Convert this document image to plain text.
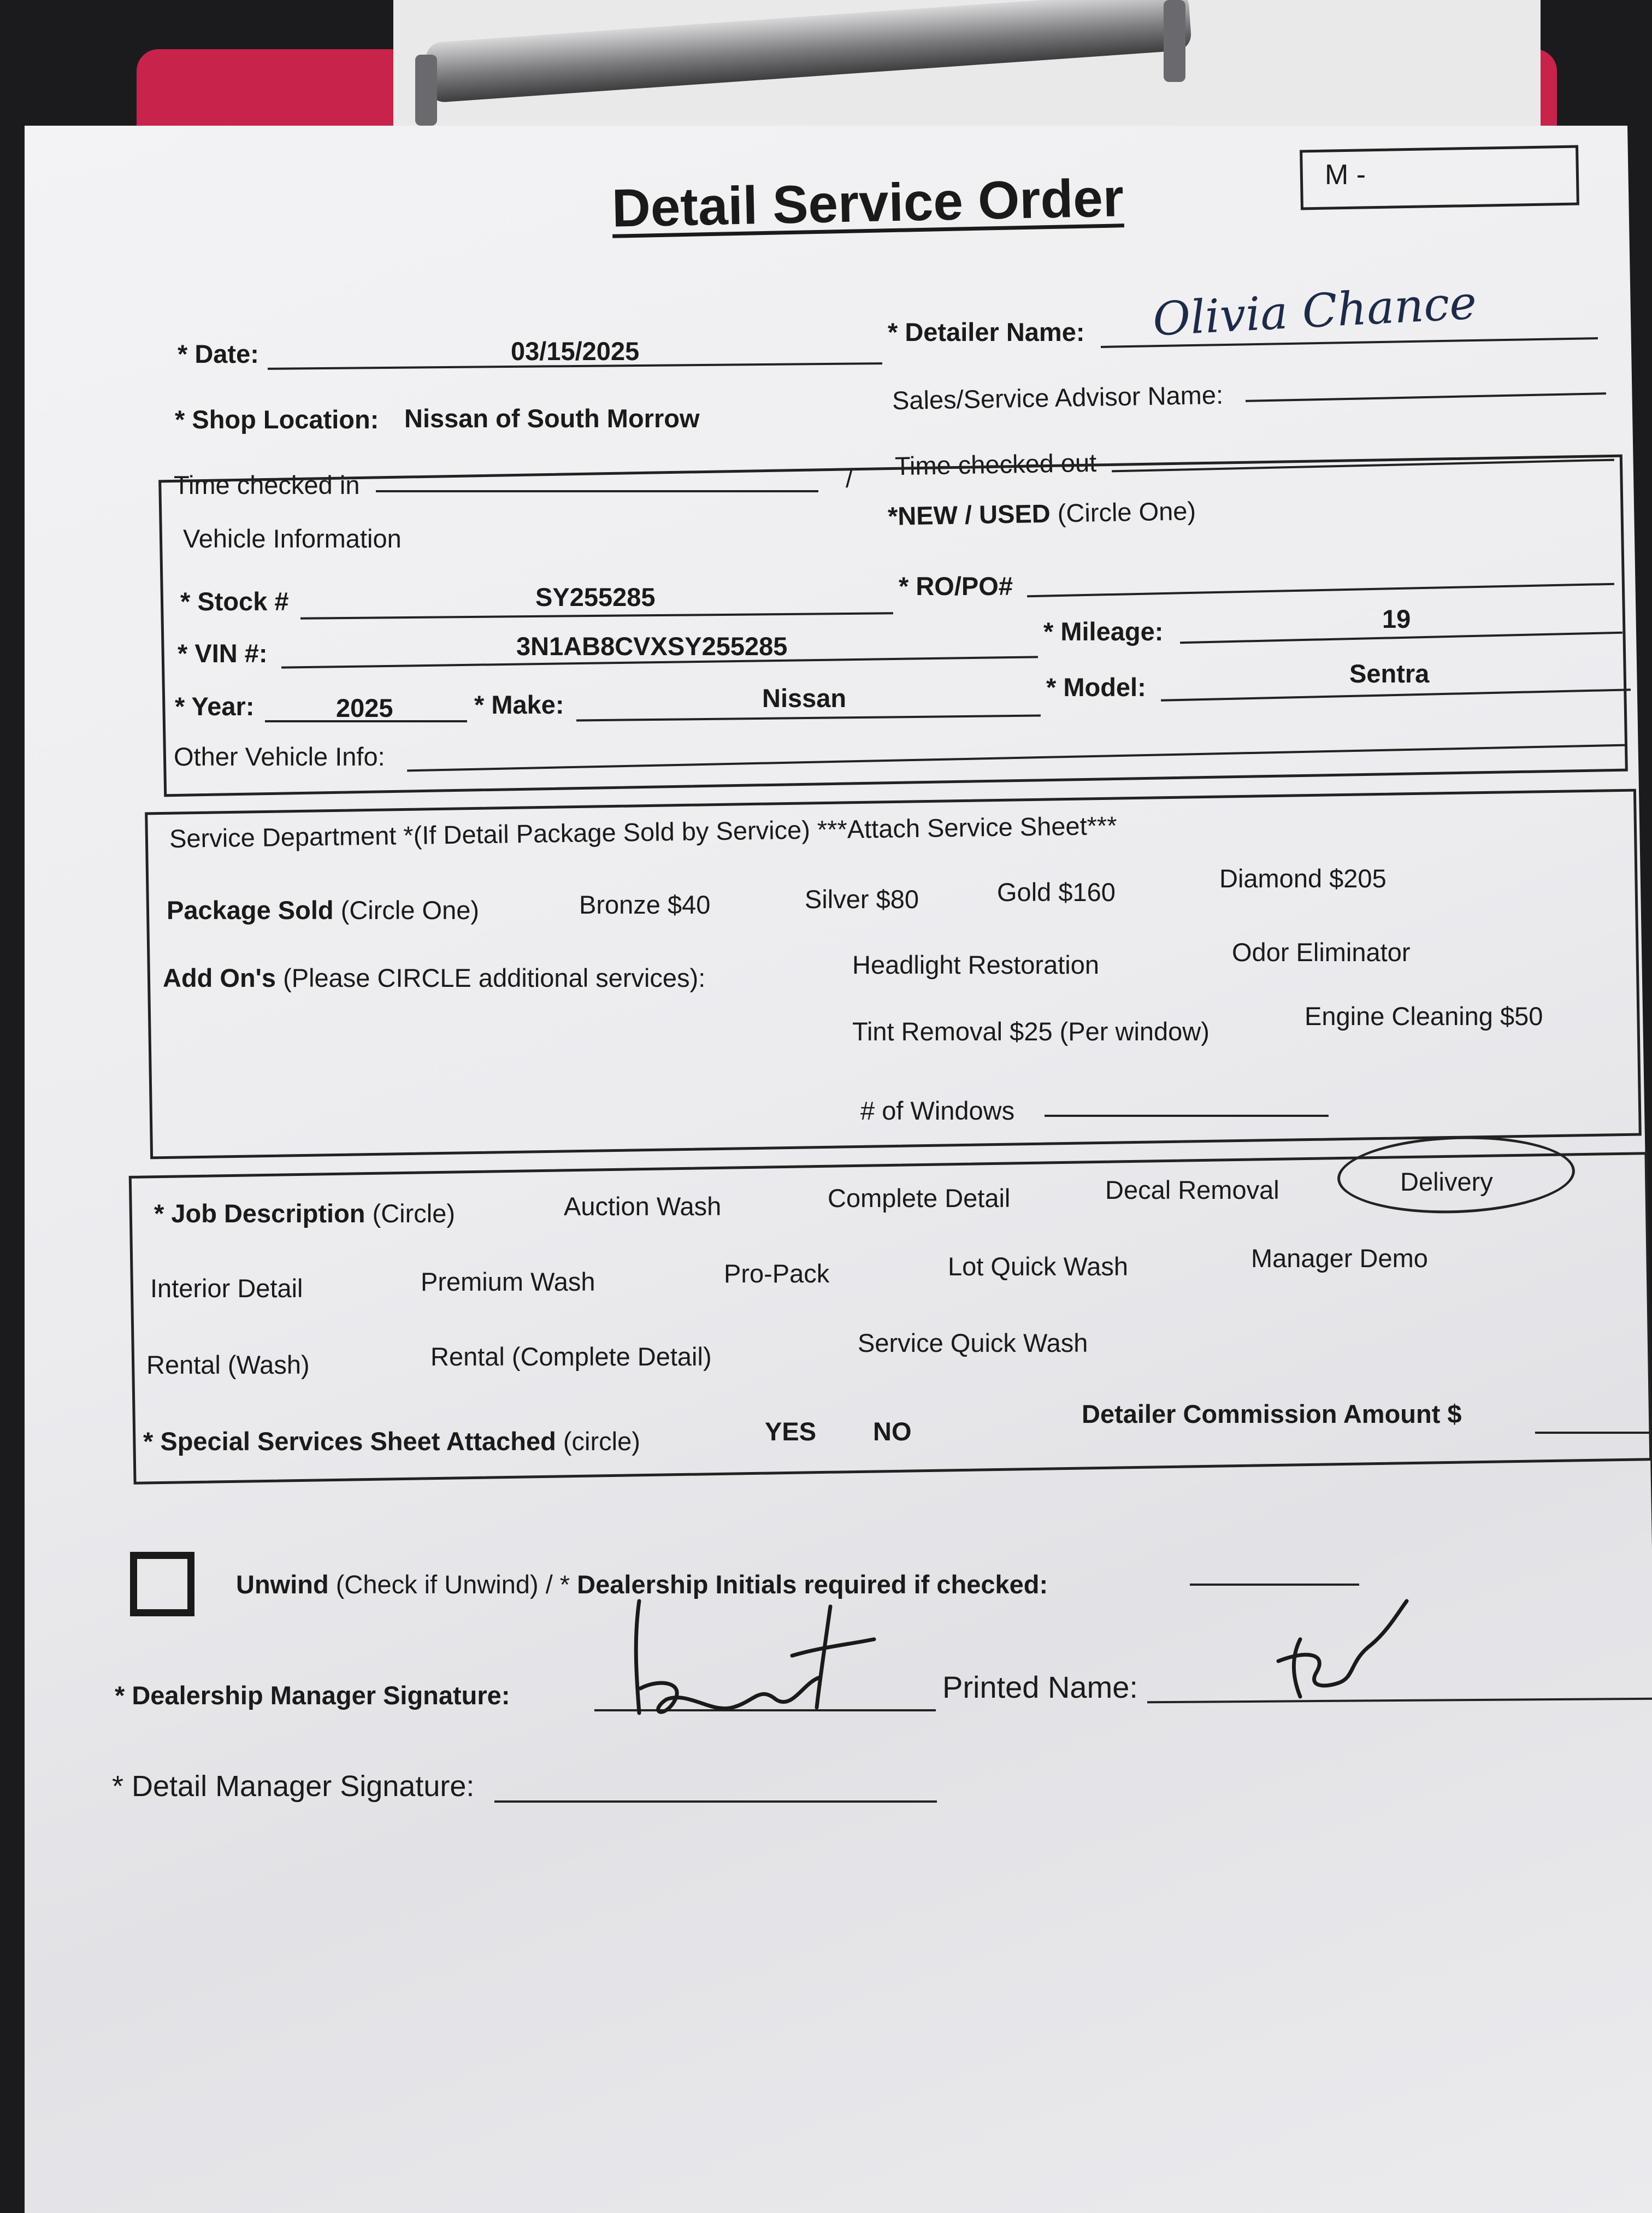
Detail Service Order	M -
* Date:	03/15/2025
* Detailer Name: Olivia Chance
* Shop Location: Nissan of South Morrow
Sales/Service Advisor Name:
Time checked in	/ Time checked out
Vehicle Information
*NEW / USED (Circle One)
* Stock #	SY255285	* RO/PO#
* VIN #:	3N1AB8CVXSY255285
* Mileage:	19
* Year:	2025	* Make:	Nissan	* Model:	Sentra
Other Vehicle Info:
Service Department *(If Detail Package Sold by Service) ***Attach Service Sheet***
Package Sold (Circle One)	Bronze $40	Silver $80	Gold $160	Diamond $205
Add On's (Please CIRCLE additional services):	Headlight Restoration	Odor Eliminator
Tint Removal $25 (Per window)
Engine Cleaning $50
# of Windows
* Job Description (Circle)	Auction Wash	Complete Detail	Decal Removal	Delivery
Interior Detail	Premium Wash	Pro-Pack	Lot Quick Wash	Manager Demo
Rental (Wash)	Rental (Complete Detail)	Service Quick Wash
* Special Services Sheet Attached (circle)	YES NO
Detailer Commission Amount $
Unwind (Check if Unwind) / * Dealership Initials required if checked:
* Dealership Manager Signature:	Printed Name:
* Detail Manager Signature:
